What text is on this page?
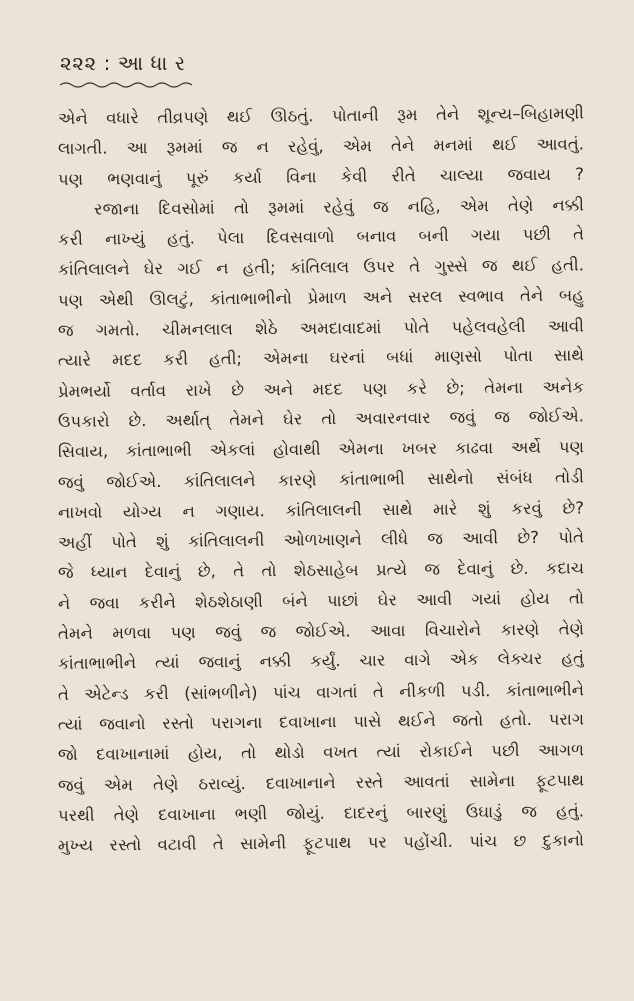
૨૨૨ : આ ધા ર
એને વધારે તીવ્રપણે થઈ ઊઠતું. પોતાની રૂમ તેને શૂન્ય–બિહામણી
લાગતી. આ રૂમમાં જ ન રહેવું, એમ તેને મનમાં થઈ આવતું.
પણ ભણવાનું પૂરું કર્યા વિના કેવી રીતે ચાલ્યા જવાય ?
રજાના દિવસોમાં તો રૂમમાં રહેવું જ નહિ, એમ તેણે નક્કી
કરી નાખ્યું હતું. પેલા દિવસવાળો બનાવ બની ગયા પછી તે
કાંતિલાલને ઘેર ગઈ ન હતી; કાંતિલાલ ઉપર તે ગુસ્સે જ થઈ હતી.
પણ એથી ઊલટું, કાંતાભાભીનો પ્રેમાળ અને સરલ સ્વભાવ તેને બહુ
જ ગમતો. ચીમનલાલ શેઠે અમદાવાદમાં પોતે પહેલવહેલી આવી
ત્યારે મદદ કરી હતી; એમના ઘરનાં બધાં માણસો પોતા સાથે
પ્રેમભર્યો વર્તાવ રાખે છે અને મદદ પણ કરે છે; તેમના અનેક
ઉપકારો છે. અર્થાત્ તેમને ઘેર તો અવારનવાર જવું જ જોઈએ.
સિવાય, કાંતાભાભી એકલાં હોવાથી એમના ખબર કાઢવા અર્થે પણ
જવું જોઈએ. કાંતિલાલને કારણે કાંતાભાભી સાથેનો સંબંધ તોડી
નાખવો યોગ્ય ન ગણાય. કાંતિલાલની સાથે મારે શું કરવું છે?
અહીં પોતે શું કાંતિલાલની ઓળખાણને લીધે જ આવી છે? પોતે
જે ધ્યાન દેવાનું છે, તે તો શેઠસાહેબ પ્રત્યે જ દેવાનું છે. કદાચ
ને જવા કરીને શેઠશેઠાણી બંને પાછાં ઘેર આવી ગયાં હોય તો
તેમને મળવા પણ જવું જ જોઈએ. આવા વિચારોને કારણે તેણે
કાંતાભાભીને ત્યાં જવાનું નક્કી કર્યું. ચાર વાગે એક લેક્ચર હતું
તે એટેન્ડ કરી (સાંભળીને) પાંચ વાગતાં તે નીકળી પડી. કાંતાભાભીને
ત્યાં જવાનો રસ્તો પરાગના દવાખાના પાસે થઈને જતો હતો. પરાગ
જો દવાખાનામાં હોય, તો થોડો વખત ત્યાં રોકાઈને પછી આગળ
જવું એમ તેણે ઠરાવ્યું. દવાખાનાને રસ્તે આવતાં સામેના ફૂટપાથ
પરથી તેણે દવાખાના ભણી જોયું. દાદરનું બારણું ઉઘાડું જ હતું.
મુખ્ય રસ્તો વટાવી તે સામેની ફૂટપાથ પર પહોંચી. પાંચ છ દુકાનો
